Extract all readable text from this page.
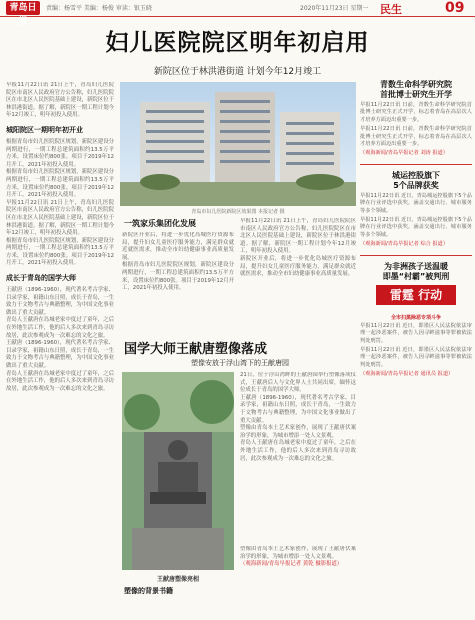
青岛日报
责编：杨雪平 美编：杨俊 审读：银玉晓	2020年11月23日 星期一 民生	09
妇儿医院院区明年初启用
新院区位于林洪港街道 计划今年12月竣工

早报11月22日讯 21日上午，青岛妇儿医院院区市南区人民政府官方公告称，妇儿医院院区在市北区人民医院基础上建设，新院区位于林洪港街道。据了解，新院区一期工程计划今年12月竣工，明年初投入使用。

城阳院区一期明年初开业

根据青岛市妇儿医院院区规划，新院区建设分两期进行，一期工程总建筑面积约13.5万平方米，设置床位约800张。项目于2019年12月开工，2021年初投入使用。

根据青岛市妇儿医院院区规划，新院区建设分两期进行，一期工程总建筑面积约13.5万平方米，设置床位约800张。项目于2019年12月开工，2021年初投入使用。

早报11月22日讯 21日上午，青岛妇儿医院院区市南区人民政府官方公告称，妇儿医院院区在市北区人民医院基础上建设，新院区位于林洪港街道。据了解，新院区一期工程计划今年12月竣工，明年初投入使用。

根据青岛市妇儿医院院区规划，新院区建设分两期进行，一期工程总建筑面积约13.5万平方米，设置床位约800张。项目于2019年12月开工，2021年初投入使用。

成长于青岛的国学大师

王献唐（1896-1960），现代著名考古学家、目录学家，祖籍山东日照，成长于青岛，一生致力于文物考古与典籍整理，为中国文化事业做出了重大贡献。

青岛人王献唐在岛城老家中度过了童年，之后在外地生活工作，他的后人多次来到青岛寻访故居，此次参观成为一次难忘的文化之旅。

王献唐（1896-1960），现代著名考古学家、目录学家，祖籍山东日照，成长于青岛，一生致力于文物考古与典籍整理，为中国文化事业做出了重大贡献。

青岛人王献唐在岛城老家中度过了童年，之后在外地生活工作，他的后人多次来到青岛寻访故居，此次参观成为一次难忘的文化之旅。

青岛市妇儿医院新院区效果图 本报记者 摄
一筑家乐集团化发展

新院区开业后，将进一步优化岛城医疗资源布局，提升妇女儿童医疗服务能力，满足群众就近就医需求，推动全市妇幼健康事业高质量发展。

根据青岛市妇儿医院院区规划，新院区建设分两期进行，一期工程总建筑面积约13.5万平方米，设置床位约800张。项目于2019年12月开工，2021年初投入使用。

早报11月22日讯 21日上午，青岛妇儿医院院区市南区人民政府官方公告称，妇儿医院院区在市北区人民医院基础上建设，新院区位于林洪港街道。据了解，新院区一期工程计划今年12月竣工，明年初投入使用。

新院区开业后，将进一步优化岛城医疗资源布局，提升妇女儿童医疗服务能力，满足群众就近就医需求，推动全市妇幼健康事业高质量发展。

国学大师王献唐塑像落成
塑像安放于浮山湾下的王献唐园
王献唐塑像亮相
塑像的背景书籍

21日，位于浮山湾畔的王献唐园举行塑像落成仪式，王献唐后人与文化界人士共同出席，缅怀这位成长于青岛的国学大师。

王献唐（1896-1960），现代著名考古学家、目录学家，祖籍山东日照，成长于青岛，一生致力于文物考古与典籍整理，为中国文化事业做出了重大贡献。

塑像由青岛本土艺术家创作，展现了王献唐伏案治学的形象，为城市增添一处人文景观。

青岛人王献唐在岛城老家中度过了童年，之后在外地生活工作，他的后人多次来到青岛寻访故居，此次参观成为一次难忘的文化之旅。

塑像由青岛本土艺术家创作，展现了王献唐伏案治学的形象，为城市增添一处人文景观。

（观海新闻/青岛早报记者 黄乾 摄影报道）

青数生命科学研究院
首批博士研究生开学

早报11月22日讯 日前，青数生命科学研究院首批博士研究生正式开学，标志着青岛在高层次人才培养方面迈出重要一步。

早报11月22日讯 日前，青数生命科学研究院首批博士研究生正式开学，标志着青岛在高层次人才培养方面迈出重要一步。

（观海新闻/青岛早报记者 刘涛 报道）

城运控股旗下
5个品牌获奖

早报11月22日讯 近日，青岛城运控股旗下5个品牌在行业评选中获奖，涵盖交通出行、城市服务等多个领域。

早报11月22日讯 近日，青岛城运控股旗下5个品牌在行业评选中获奖，涵盖交通出行、城市服务等多个领域。

（观海新闻/青岛早报记者 综合 报道）

为非洲孩子送温暖
即墨“村霸”被判刑
雷霆 行动
全市扫黑除恶专项斗争

早报11月22日讯 近日，即墨区人民法院依法审理一起涉恶案件，被告人因寻衅滋事等罪被依法判处刑罚。

早报11月22日讯 近日，即墨区人民法院依法审理一起涉恶案件，被告人因寻衅滋事等罪被依法判处刑罚。

（观海新闻/青岛早报记者 通讯员 报道）
